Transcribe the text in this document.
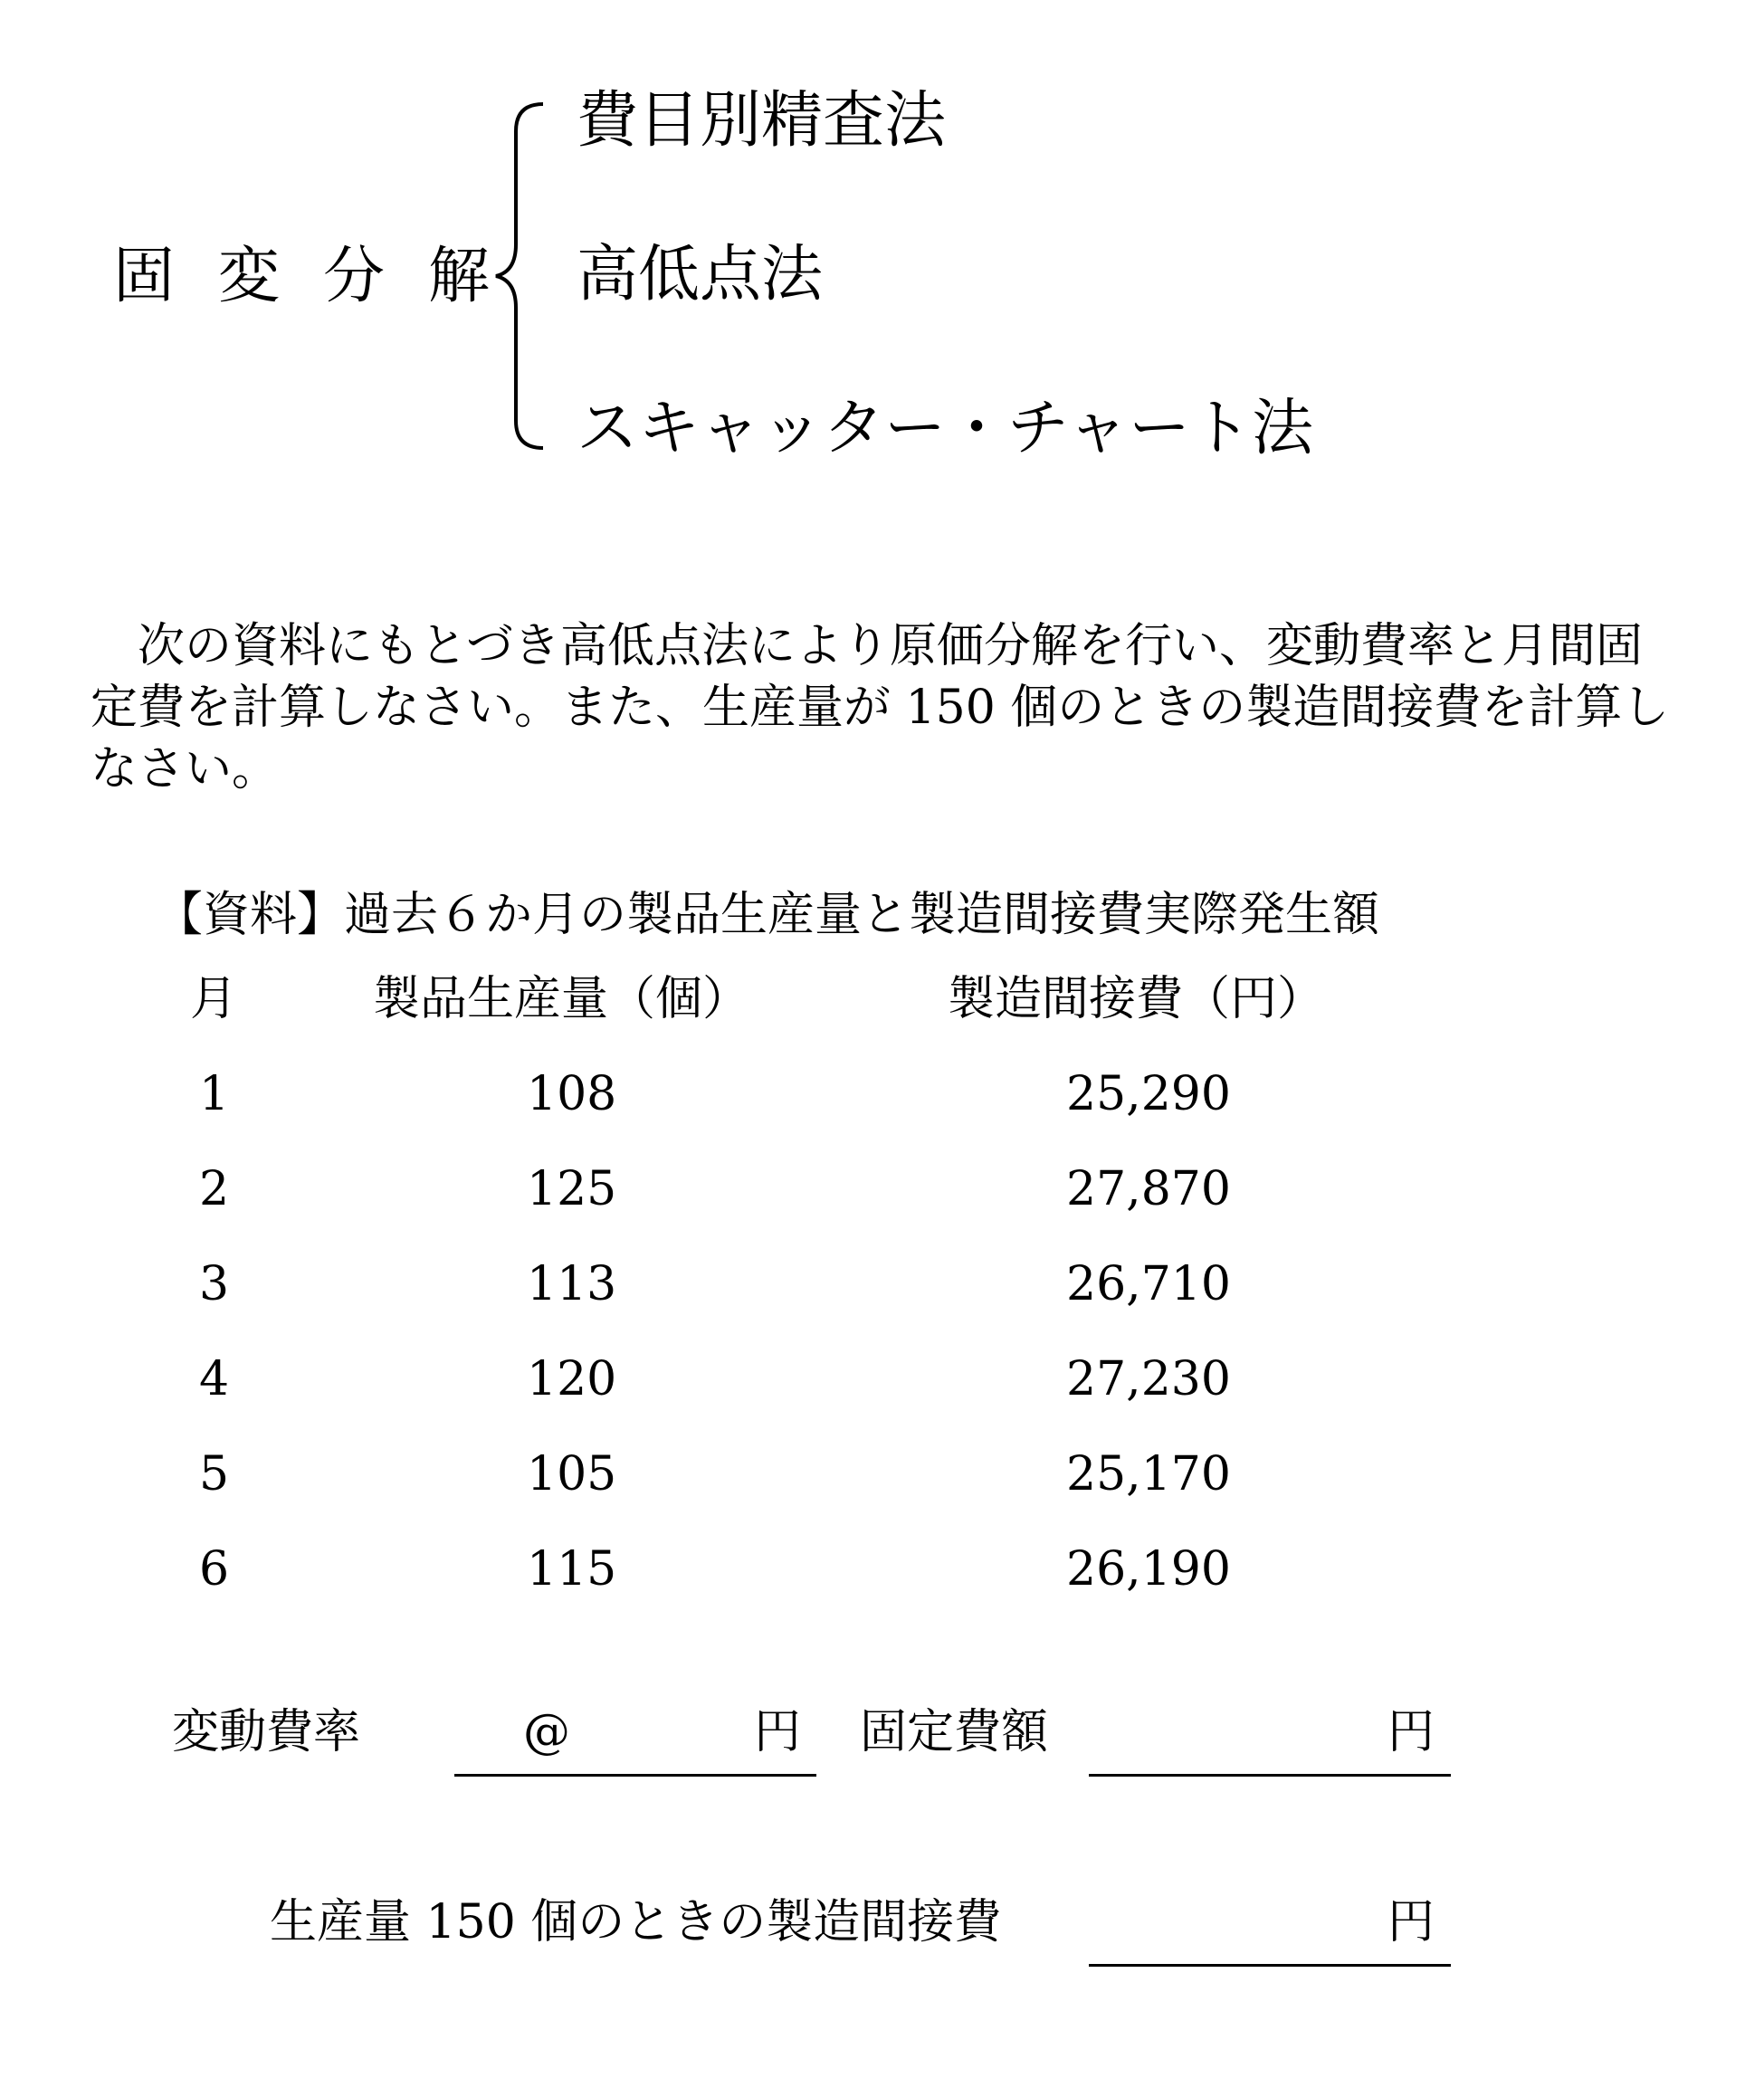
固変分解
費目別精査法
高低点法
スキャッター・チャート法
次の資料にもとづき高低点法により原価分解を行い、変動費率と月間固定費を計算しなさい。また、生産量が 150 個のときの製造間接費を計算しなさい。
【資料】過去６か月の製品生産量と製造間接費実際発生額
月	製品生産量（個）	製造間接費（円）
1	108	25,290
2	125	27,870
3	113	26,710
4	120	27,230
5	105	25,170
6	115	26,190
変動費率	@	円 固定費額	円
生産量 150 個のときの製造間接費	円
